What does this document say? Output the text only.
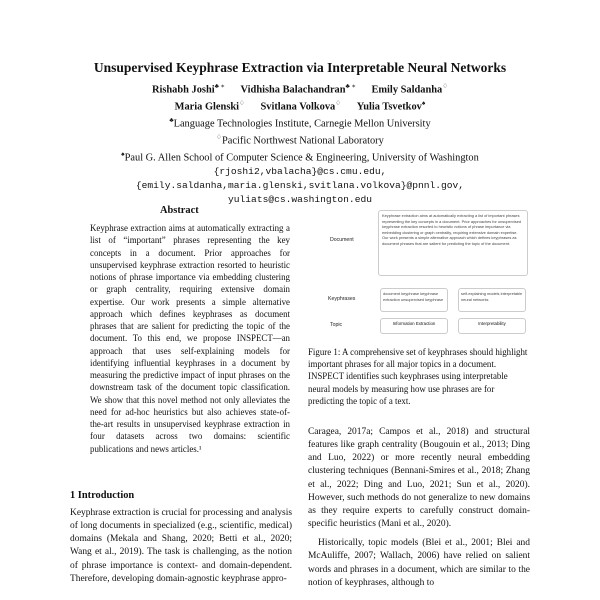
Unsupervised Keyphrase Extraction via Interpretable Neural Networks
Rishabh Joshi♣ ∗ Vidhisha Balachandran♣ ∗ Emily Saldanha♢
Maria Glenski♢ Svitlana Volkova♢ Yulia Tsvetkov♠
♣Language Technologies Institute, Carnegie Mellon University
♢Pacific Northwest National Laboratory
♠Paul G. Allen School of Computer Science & Engineering, University of Washington
{rjoshi2,vbalacha}@cs.cmu.edu,
{emily.saldanha,maria.glenski,svitlana.volkova}@pnnl.gov,
yuliats@cs.washington.edu
Abstract
Keyphrase extraction aims at automatically extracting a list of “important” phrases representing the key concepts in a document. Prior approaches for unsupervised keyphrase extraction resorted to heuristic notions of phrase importance via embedding clustering or graph centrality, requiring extensive domain expertise. Our work presents a simple alternative approach which defines keyphrases as document phrases that are salient for predicting the topic of the document. To this end, we propose INSPECT—an approach that uses self-explaining models for identifying influential keyphrases in a document by measuring the predictive impact of input phrases on the downstream task of the document topic classification. We show that this novel method not only alleviates the need for ad-hoc heuristics but also achieves state-of-the-art results in unsupervised keyphrase extraction in four datasets across two domains: scientific publications and news articles.¹
1 Introduction
Keyphrase extraction is crucial for processing and analysis of long documents in specialized (e.g., scientific, medical) domains (Mekala and Shang, 2020; Betti et al., 2020; Wang et al., 2019). The task is challenging, as the notion of phrase importance is context- and domain-dependent. Therefore, developing domain-agnostic keyphrase appro-
Document
Keyphrases
Topic
Keyphrase extraction aims at automatically extracting a list of important phrases representing the key concepts in a document. Prior approaches for unsupervised keyphrase extraction resorted to heuristic notions of phrase importance via embedding clustering or graph centrality, requiring extensive domain expertise. Our work presents a simple alternative approach which defines keyphrases as document phrases that are salient for predicting the topic of the document.
document keyphrase keyphrase extraction unsupervised keyphrase
self-explaining models interpretable neural networks
Information Extraction	Interpretability
Figure 1: A comprehensive set of keyphrases should highlight important phrases for all major topics in a document. INSPECT identifies such keyphrases using interpretable neural models by measuring how use phrases are for predicting the topic of a text.

Caragea, 2017a; Campos et al., 2018) and structural features like graph centrality (Bougouin et al., 2013; Ding and Luo, 2022) or more recently neural embedding clustering techniques (Bennani-Smires et al., 2018; Zhang et al., 2022; Ding and Luo, 2021; Sun et al., 2020). However, such methods do not generalize to new domains as they require experts to carefully construct domain-specific heuristics (Mani et al., 2020).

Historically, topic models (Blei et al., 2001; Blei and McAuliffe, 2007; Wallach, 2006) have relied on salient words and phrases in a document, which are similar to the notion of keyphrases, although to
